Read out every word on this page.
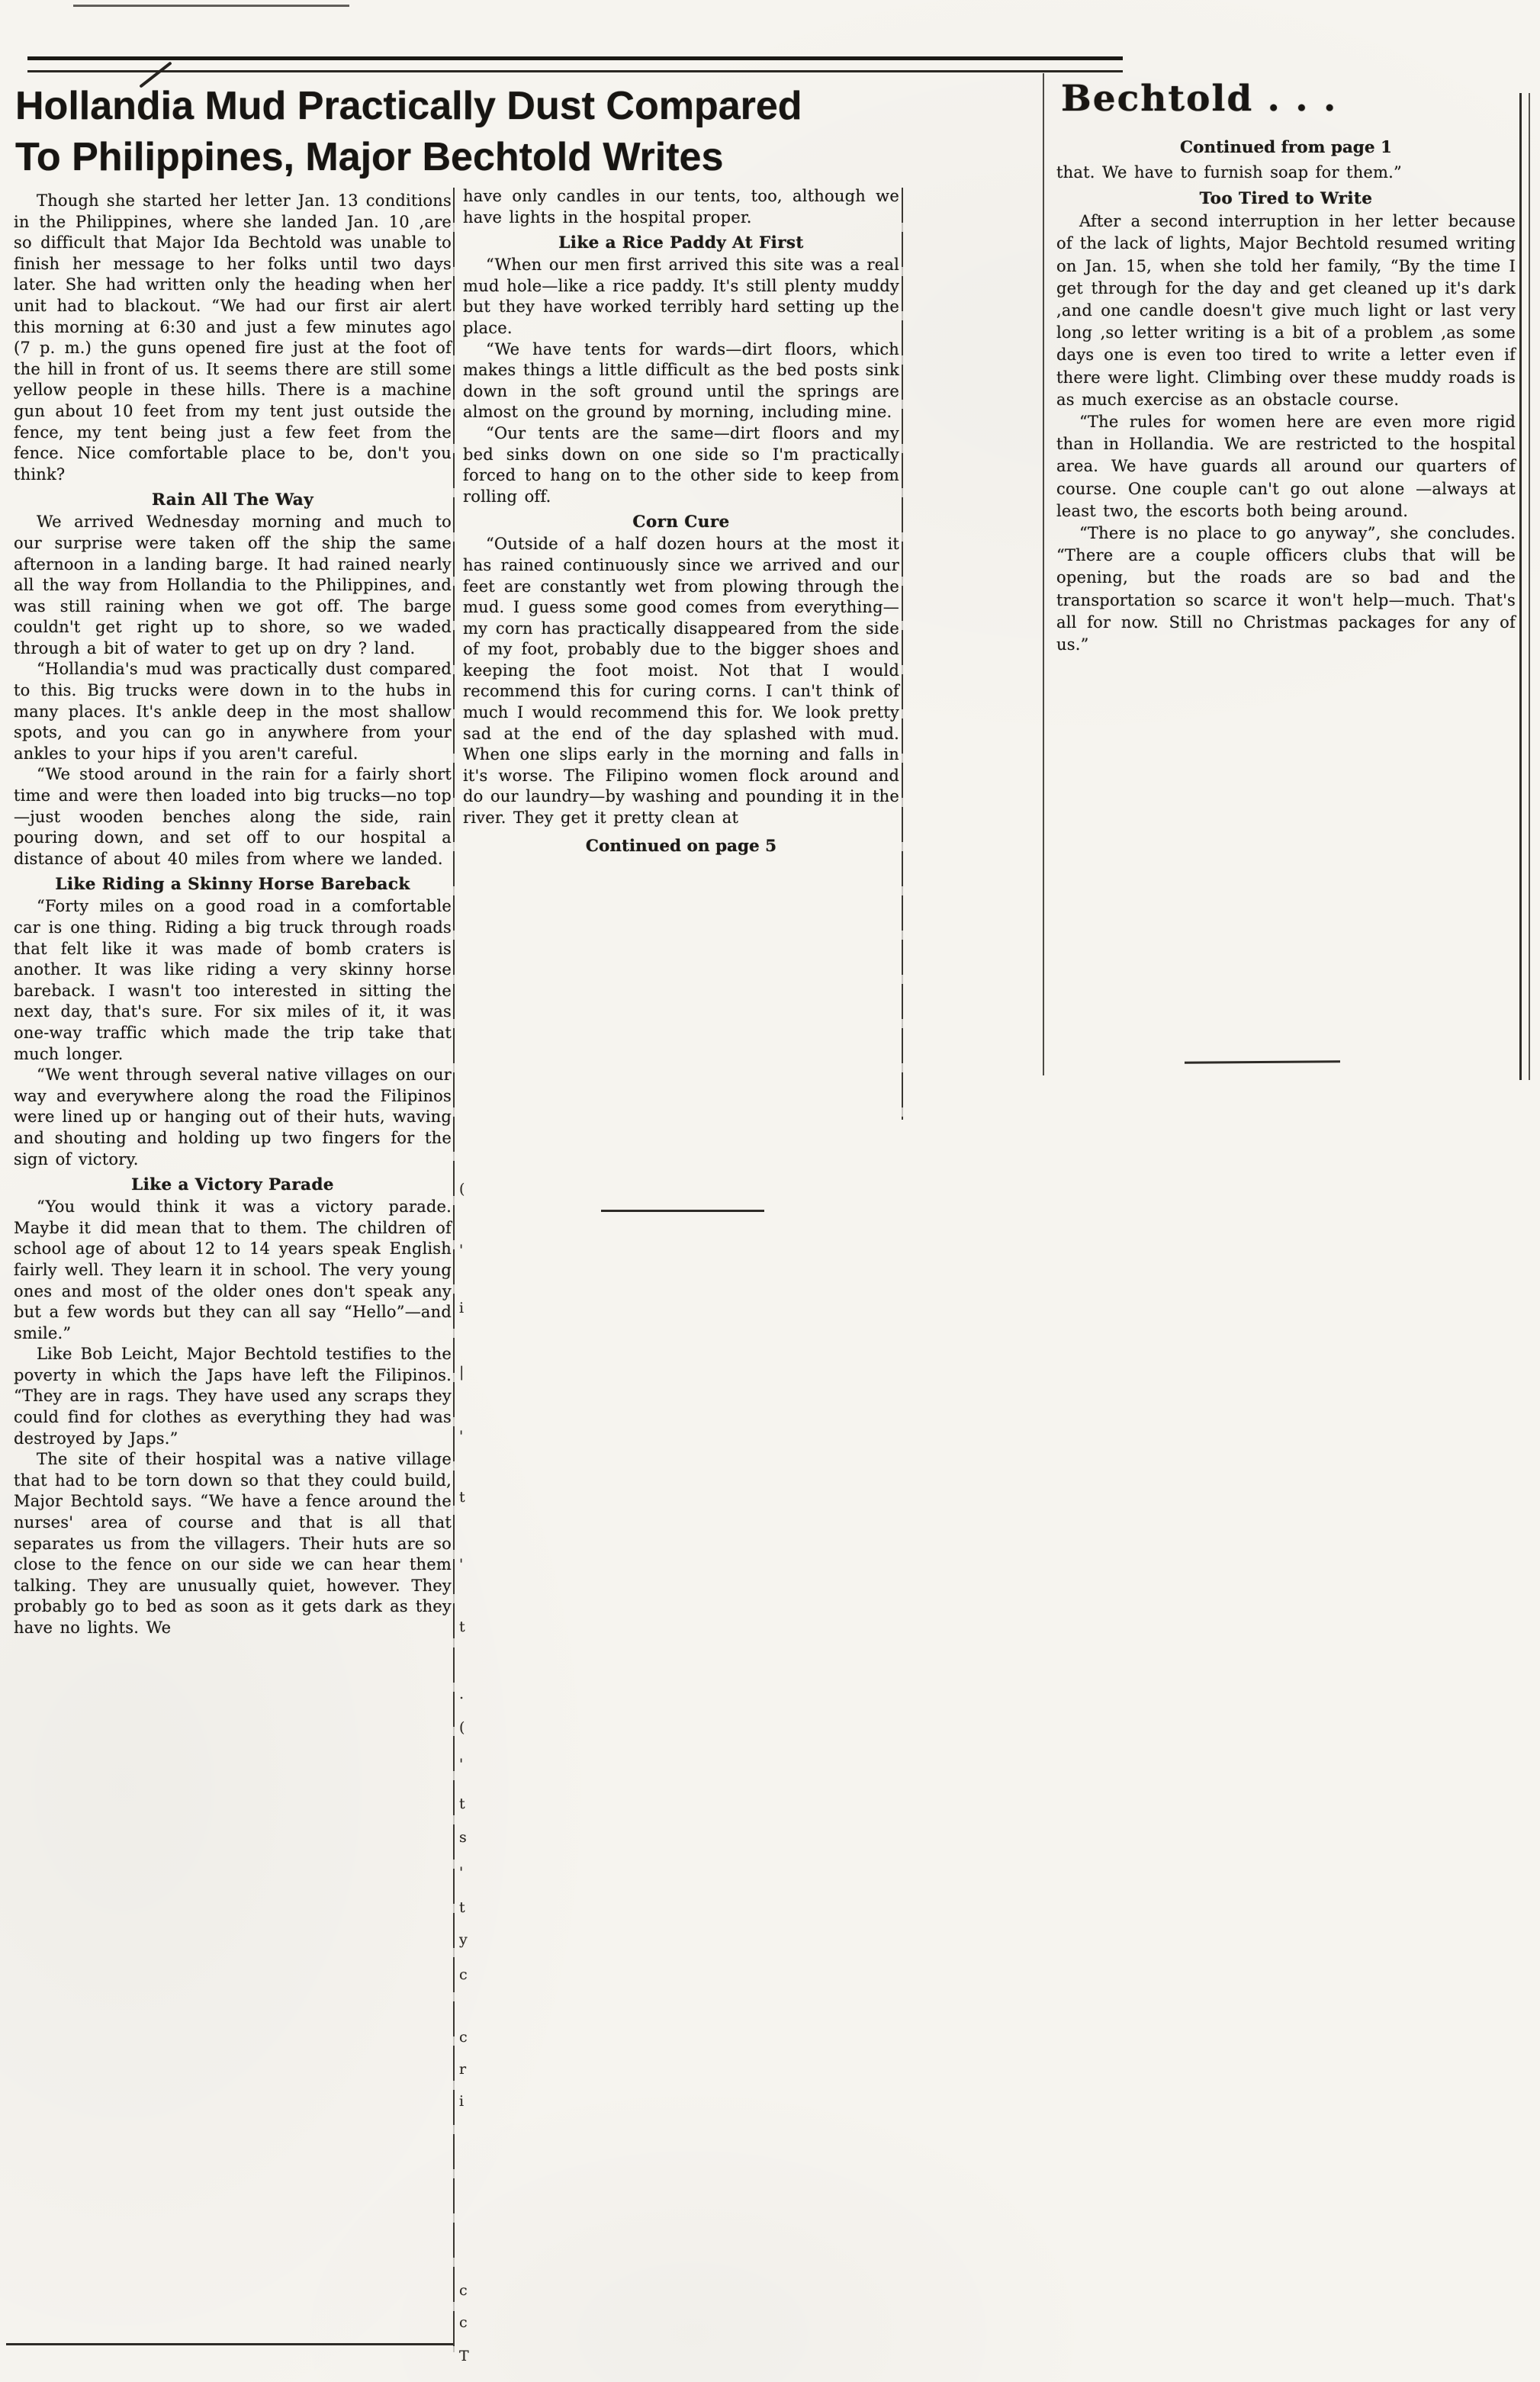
Hollandia Mud Practically Dust Compared
To Philippines, Major Bechtold Writes

Though she started her letter Jan. 13 conditions in the Philippines, where she landed Jan. 10 ,are so difficult that Major Ida Bechtold was unable to finish her message to her folks until two days later. She had written only the heading when her unit had to blackout. “We had our first air alert this morning at 6:30 and just a few minutes ago (7 p. m.) the guns opened fire just at the foot of the hill in front of us. It seems there are still some yellow people in these hills. There is a machine gun about 10 feet from my tent just outside the fence, my tent being just a few feet from the fence. Nice comfortable place to be, don't you think?

Rain All The Way

We arrived Wednesday morning and much to our surprise were taken off the ship the same afternoon in a landing barge. It had rained nearly all the way from Hollandia to the Philippines, and was still raining when we got off. The barge couldn't get right up to shore, so we waded through a bit of water to get up on dry ? land.

“Hollandia's mud was practically dust compared to this. Big trucks were down in to the hubs in many places. It's ankle deep in the most shallow spots, and you can go in anywhere from your ankles to your hips if you aren't careful.

“We stood around in the rain for a fairly short time and were then loaded into big trucks—no top—just wooden benches along the side, rain pouring down, and set off to our hospital a distance of about 40 miles from where we landed.

Like Riding a Skinny Horse Bareback

“Forty miles on a good road in a comfortable car is one thing. Riding a big truck through roads that felt like it was made of bomb craters is another. It was like riding a very skinny horse bareback. I wasn't too interested in sitting the next day, that's sure. For six miles of it, it was one-way traffic which made the trip take that much longer.

“We went through several native villages on our way and everywhere along the road the Filipinos were lined up or hanging out of their huts, waving and shouting and holding up two fingers for the sign of victory.

Like a Victory Parade

“You would think it was a victory parade. Maybe it did mean that to them. The children of school age of about 12 to 14 years speak English fairly well. They learn it in school. The very young ones and most of the older ones don't speak any but a few words but they can all say “Hello”—and smile.”

Like Bob Leicht, Major Bechtold testifies to the poverty in which the Japs have left the Filipinos. “They are in rags. They have used any scraps they could find for clothes as everything they had was destroyed by Japs.”

The site of their hospital was a native village that had to be torn down so that they could build, Major Bechtold says. “We have a fence around the nurses' area of course and that is all that separates us from the villagers. Their huts are so close to the fence on our side we can hear them talking. They are unusually quiet, however. They probably go to bed as soon as it gets dark as they have no lights. We

have only candles in our tents, too, although we have lights in the hospital proper.

Like a Rice Paddy At First

“When our men first arrived this site was a real mud hole—like a rice paddy. It's still plenty muddy but they have worked terribly hard setting up the place.

“We have tents for wards—dirt floors, which makes things a little difficult as the bed posts sink down in the soft ground until the springs are almost on the ground by morning, including mine.

“Our tents are the same—dirt floors and my bed sinks down on one side so I'm practically forced to hang on to the other side to keep from rolling off.

Corn Cure

“Outside of a half dozen hours at the most it has rained continuously since we arrived and our feet are constantly wet from plowing through the mud. I guess some good comes from everything—my corn has practically disappeared from the side of my foot, probably due to the bigger shoes and keeping the foot moist. Not that I would recommend this for curing corns. I can't think of much I would recommend this for. We look pretty sad at the end of the day splashed with mud. When one slips early in the morning and falls in it's worse. The Filipino women flock around and do our laundry—by washing and pounding it in the river. They get it pretty clean at

Continued on page 5

Bechtold . . .

Continued from page 1

that. We have to furnish soap for them.”

Too Tired to Write

After a second interruption in her letter because of the lack of lights, Major Bechtold resumed writing on Jan. 15, when she told her family, “By the time I get through for the day and get cleaned up it's dark ,and one candle doesn't give much light or last very long ,so letter writing is a bit of a problem ,as some days one is even too tired to write a letter even if there were light. Climbing over these muddy roads is as much exercise as an obstacle course.

“The rules for women here are even more rigid than in Hollandia. We are restricted to the hospital area. We have guards all around our quarters of course. One couple can't go out alone —always at least two, the escorts both being around.

“There is no place to go anyway”, she concludes. “There are a couple officers clubs that will be opening, but the roads are so bad and the transportation so scarce it won't help—much. That's all for now. Still no Christmas packages for any of us.”

(
'
i
|
'
t
'
t
.
(
'
t
s
'
t
y
c
c
r
i
c
c
T
